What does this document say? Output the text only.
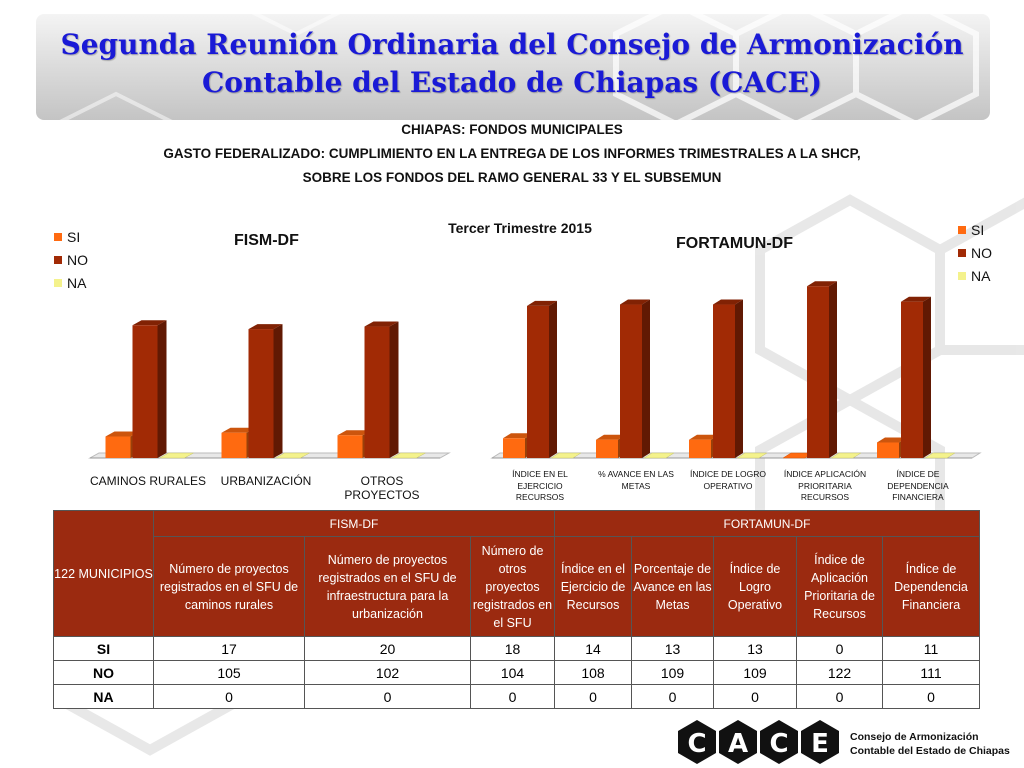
Segunda Reunión Ordinaria del Consejo de Armonización
Contable del Estado de Chiapas (CACE)
CHIAPAS: FONDOS MUNICIPALES
GASTO FEDERALIZADO: CUMPLIMIENTO EN LA ENTREGA DE LOS INFORMES TRIMESTRALES A LA SHCP,
SOBRE LOS FONDOS DEL RAMO GENERAL 33 Y EL SUBSEMUN
Tercer Trimestre 2015
SI
NO
NA
SI
NO
NA
FISM-DF	FORTAMUN-DF
CAMINOS RURALES	URBANIZACIÓN	OTROS PROYECTOS
ÍNDICE EN EL EJERCICIO RECURSOS
% AVANCE EN LAS METAS
ÍNDICE DE LOGRO OPERATIVO
ÍNDICE APLICACIÓN PRIORITARIA RECURSOS
ÍNDICE DE DEPENDENCIA FINANCIERA
122 MUNICIPIOS	FISM-DF			FORTAMUN-DF				
	Número de proyectos registrados en el SFU de caminos rurales	Número de proyectos registrados en el SFU de infraestructura para la urbanización	Número de otros proyectos registrados en el SFU	Índice en el Ejercicio de Recursos	Porcentaje de Avance en las Metas	Índice de Logro Operativo	Índice de Aplicación Prioritaria de Recursos	Índice de Dependencia Financiera
SI	17	20	18	14	13	13	0	11
NO	105	102	104	108	109	109	122	111
NA	0	0	0	0	0	0	0	0
C A C E Consejo de Armonización
Contable del Estado de Chiapas
